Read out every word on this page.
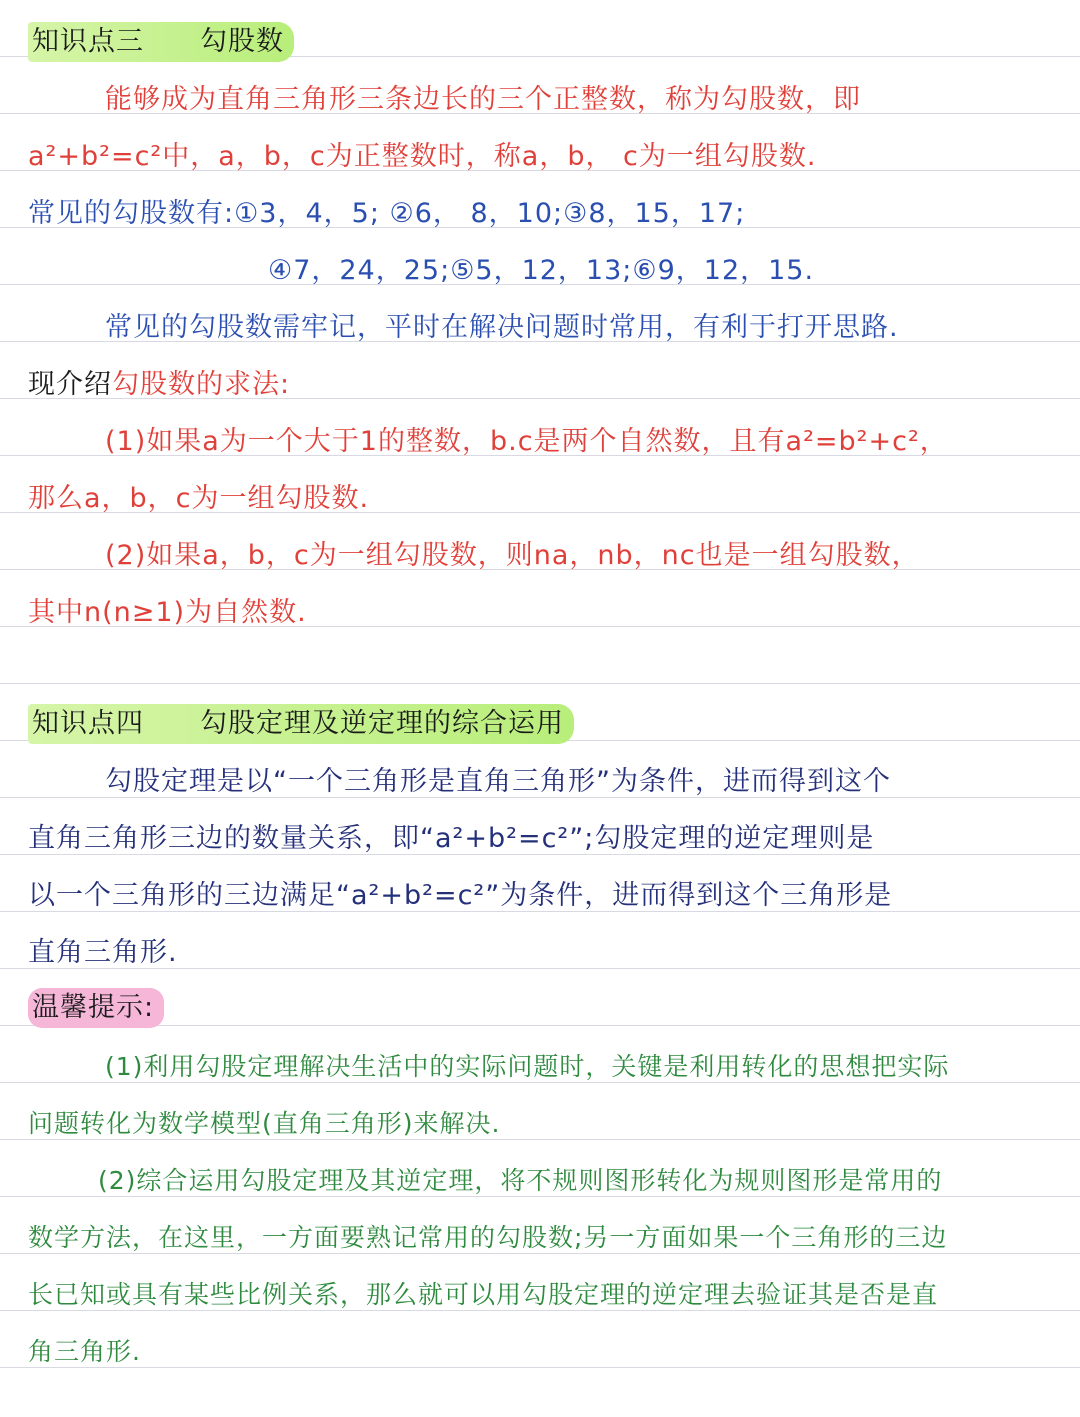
知识点三 勾股数
能够成为直角三角形三条边长的三个正整数，称为勾股数，即
a²+b²=c²中，a，b，c为正整数时，称a，b， c为一组勾股数.
常见的勾股数有:①3，4，5; ②6， 8，10;③8，15，17;
④7，24，25;⑤5，12，13;⑥9，12，15.
常见的勾股数需牢记，平时在解决问题时常用，有利于打开思路.
现介绍勾股数的求法:
(1)如果a为一个大于1的整数，b.c是两个自然数，且有a²=b²+c²，
那么a，b，c为一组勾股数.
(2)如果a，b，c为一组勾股数，则na，nb，nc也是一组勾股数，
其中n(n≥1)为自然数.
知识点四 勾股定理及逆定理的综合运用
勾股定理是以“一个三角形是直角三角形”为条件，进而得到这个
直角三角形三边的数量关系，即“a²+b²=c²”;勾股定理的逆定理则是
以一个三角形的三边满足“a²+b²=c²”为条件，进而得到这个三角形是
直角三角形.
温馨提示:
(1)利用勾股定理解决生活中的实际问题时，关键是利用转化的思想把实际
问题转化为数学模型(直角三角形)来解决.
(2)综合运用勾股定理及其逆定理，将不规则图形转化为规则图形是常用的
数学方法，在这里，一方面要熟记常用的勾股数;另一方面如果一个三角形的三边
长已知或具有某些比例关系，那么就可以用勾股定理的逆定理去验证其是否是直
角三角形.
